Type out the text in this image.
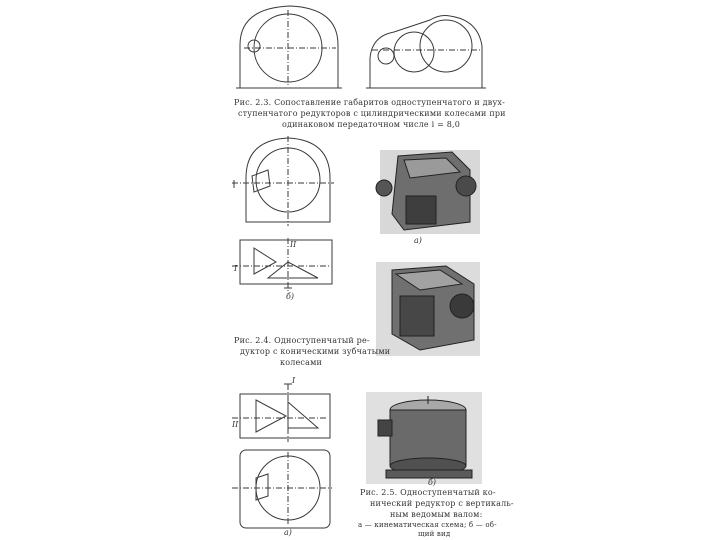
Рис. 2.3. Сопоставление габаритов одноступенчатого и двух-
ступенчатого редукторов с цилиндрическими колесами при
одинаковом передаточном числе i = 8,0
а)
б)
II
I
Рис. 2.4. Одноступенчатый ре-
дуктор с коническими зубчатыми
колесами
I
II
б)
а)
Рис. 2.5. Одноступенчатый ко-
нический редуктор с вертикаль-
ным ведомым валом:
а — кинематическая схема; б — об-
щий вид
